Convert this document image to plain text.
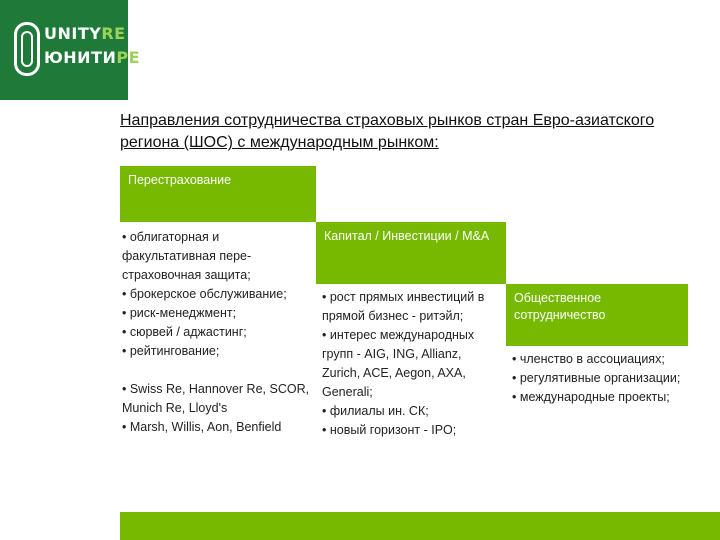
UNITYRE
ЮНИТИРЕ
Направления сотрудничества страховых рынков стран Евро-азиатского региона (ШОС) с международным рынком:
Перестрахование

• облигаторная и факультативная пере-страховочная защита;

• брокерское обслуживание;

• риск-менеджмент;

• сюрвей / аджастинг;

• рейтингование;

• Swiss Re, Hannover Re, SCOR, Munich Re, Lloyd's

• Marsh, Willis, Aon, Benfield

Капитал / Инвестиции / M&A

• рост прямых инвестиций в прямой бизнес - ритэйл;

• интерес международных групп - AIG, ING, Allianz, Zurich, ACE, Aegon, AXA, Generali;

• филиалы ин. СК;

• новый горизонт - IPO;

Общественное сотрудничество

• членство в ассоциациях;

• регулятивные организации;

• международные проекты;
